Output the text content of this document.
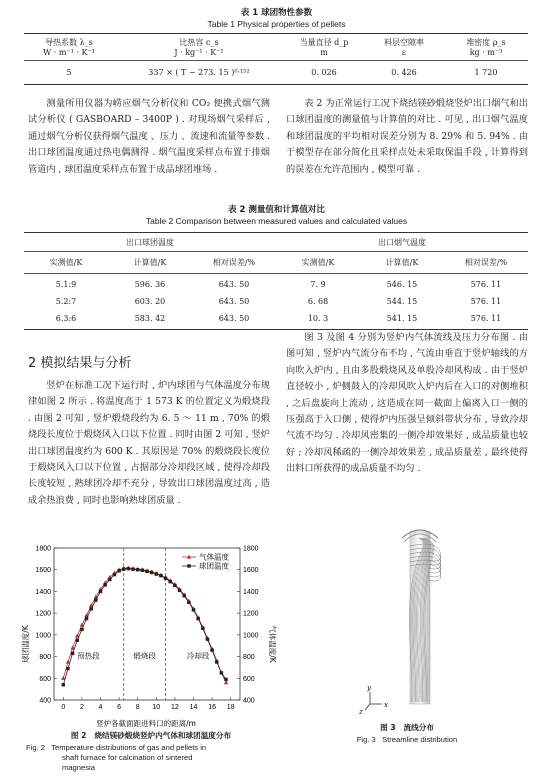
表 1 球团物性参数
Table 1 Physical properties of pellets
导热系数 λ_s	比热容 c_s	当量直径 d_p	料层空隙率	堆密度 ρ_s
W · m⁻¹ · K⁻¹	J · kg⁻¹ · K⁻¹	m	ε	kg · m⁻³
5	337 × ( T − 273. 15 )⁰·¹⁵²	0. 026	0. 426	1 720

测量所用仪器为崂应烟气分析仪和 CO₂ 便携式烟气测试分析仪 ( GASBOARD – 3400P ) . 对现场烟气采样后 , 通过烟气分析仪获得烟气温度 、压力 、流速和流量等参数 . 出口球团温度通过热电偶测得 . 烟气温度采样点布置于排烟管道内 , 球团温度采样点布置于成品球团堆场 .

表 2 为正常运行工况下烧结镁砂煅烧竖炉出口烟气和出口球团温度的测量值与计算值的对比 . 可见 , 出口烟气温度和球团温度的平均相对误差分别为 8. 29% 和 5. 94% . 由于模型存在部分简化且采样点处未采取保温手段 , 计算得到的误差在允许范围内 , 模型可靠 .

表 2 测量值和计算值对比
Table 2 Comparison between measured values and calculated values
出口球团温度			出口烟气温度		
实测值/K	计算值/K	相对误差/%	实测值/K	计算值/K	相对误差/%
5.1:9	596. 36	643. 50	7. 9	546. 15	576. 11
5.2:7	603. 20	643. 50	6. 68	544. 15	576. 11
6.3:6	583. 42	643. 50	10. 3	541. 15	576. 11
2 模拟结果与分析

竖炉在标准工况下运行时 , 炉内球团与气体温度分布规律如图 2 所示 . 将温度高于 1 573 K 的位置定义为煅烧段 . 由图 2 可知 , 竖炉煅烧段约为 6. 5 ～ 11 m , 70% 的煅烧段长度位于煅烧风入口以下位置 . 同时由图 2 可知 , 竖炉出口球团温度约为 600 K . 其原因是 70% 的煅烧段长度位于煅烧风入口以下位置 , 占据部分冷却段区域 , 使得冷却段长度较短 , 熟球团冷却不充分 , 导致出口球团温度过高 , 造成余热浪费 , 同时也影响熟球团质量 .

图 3 及图 4 分别为竖炉内气体流线及压力分布图 . 由图可知 , 竖炉内气流分布不均 , 气流由垂直于竖炉轴线的方向吹入炉内 , 且由多股煅烧风及单股冷却风构成 . 由于竖炉直径较小 , 炉侧鼓入的冷却风吹入炉内后在入口的对侧堆积 , 之后盘旋向上流动 , 这造成在同一截面上偏离入口一侧的压强高于入口侧 , 使得炉内压强呈倾斜带状分布 , 导致冷却气流不均匀 . 冷却风密集的一侧冷却效果好 , 成品质量也较好 ; 冷却风稀疏的一侧冷却效果差 , 成品质量差 , 最终使得出料口所获得的成品质量不均匀 .

预热段	煅烧段	冷却段
0 2 4 6 8 10 12 14 16 18
400	400
600	600
800	800
1000	1000
1200	1200
1400	1400
1600	1600
1800	1800
气体温度
球团温度
球团温度/K	气体温度/K
竖炉各截面距进料口的距离/m
图 2 烧结镁砂煅烧竖炉内气体和球团温度分布
Fig. 2 Temperature distributions of gas and pellets in
shaft furnace for calcination of sintered
magnesia
x
y
z
图 3 流线分布
Fig. 3 Streamline distribution
